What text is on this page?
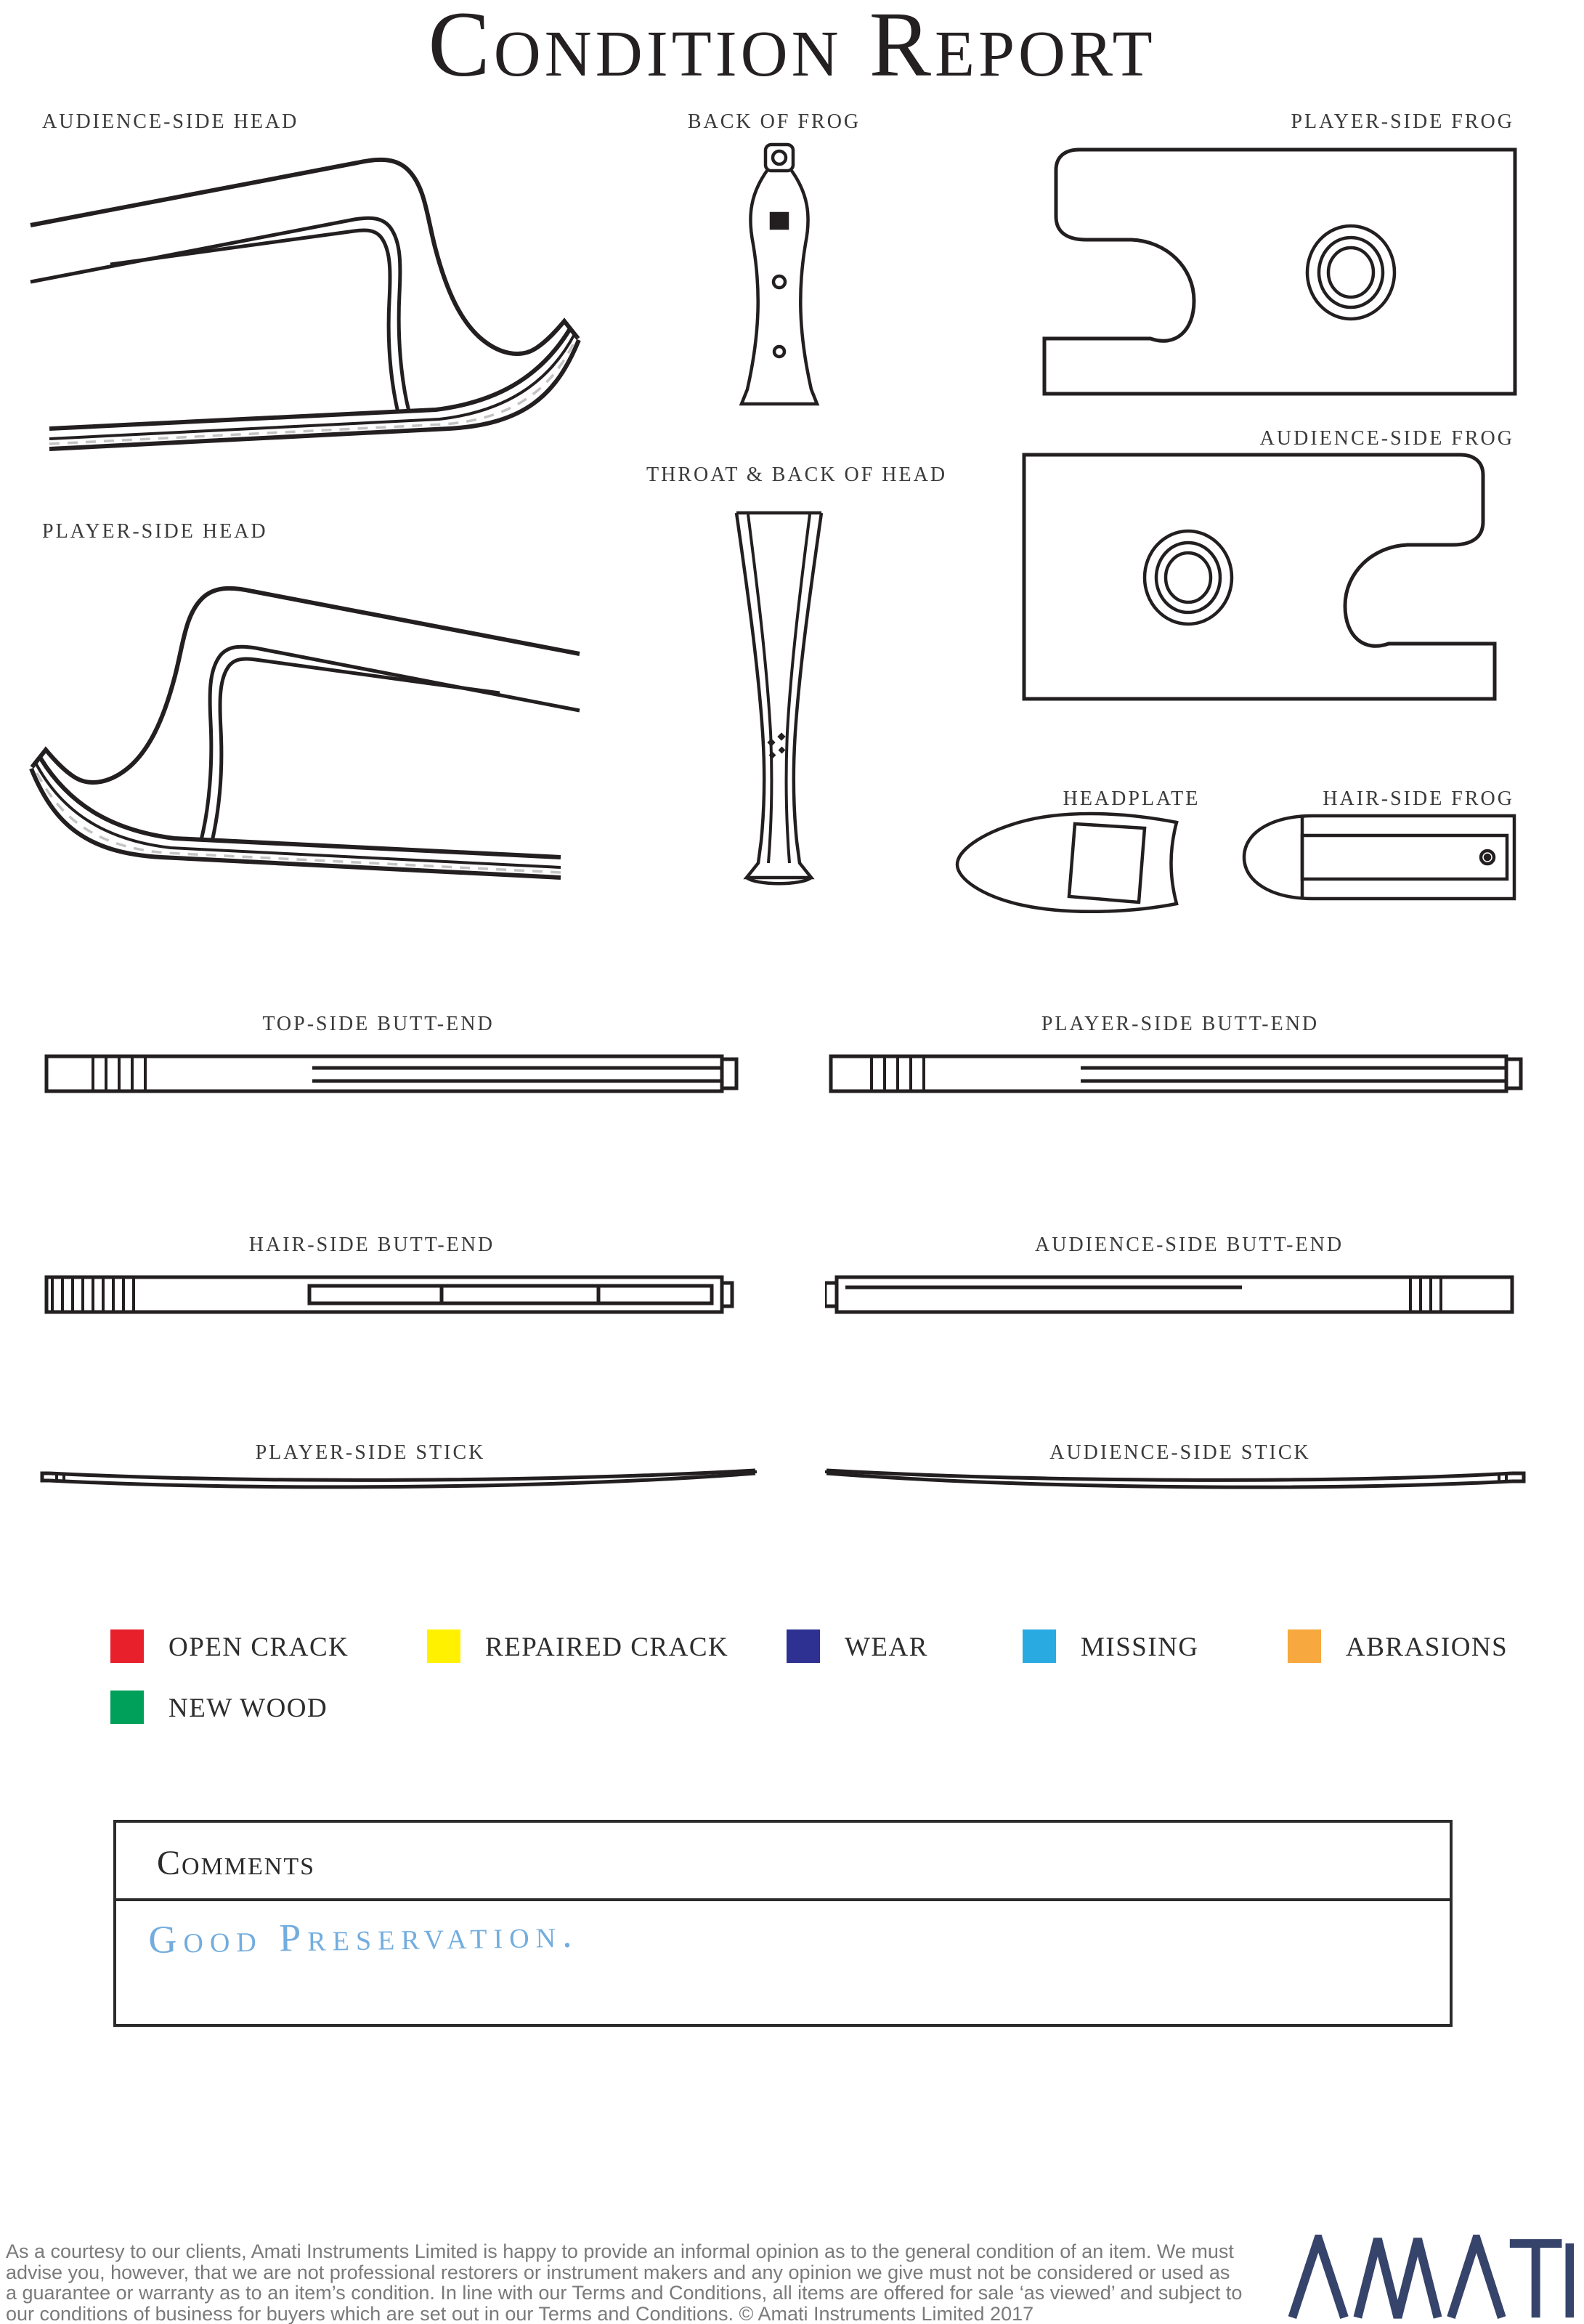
Condition Report
AUDIENCE-SIDE HEAD	BACK OF FROG	PLAYER-SIDE FROG
AUDIENCE-SIDE FROG
PLAYER-SIDE HEAD
THROAT & BACK OF HEAD
HEADPLATE	HAIR-SIDE FROG
TOP-SIDE BUTT-END	PLAYER-SIDE BUTT-END
HAIR-SIDE BUTT-END	AUDIENCE-SIDE BUTT-END
PLAYER-SIDE STICK	AUDIENCE-SIDE STICK
OPEN CRACK	REPAIRED CRACK	WEAR	MISSING	ABRASIONS
NEW WOOD
Comments
Good Preservation.
As a courtesy to our clients, Amati Instruments Limited is happy to provide an informal opinion as to the general condition of an item. We must
advise you, however, that we are not professional restorers or instrument makers and any opinion we give must not be considered or used as
a guarantee or warranty as to an item’s condition. In line with our Terms and Conditions, all items are offered for sale ‘as viewed’ and subject to
our conditions of business for buyers which are set out in our Terms and Conditions. © Amati Instruments Limited 2017
